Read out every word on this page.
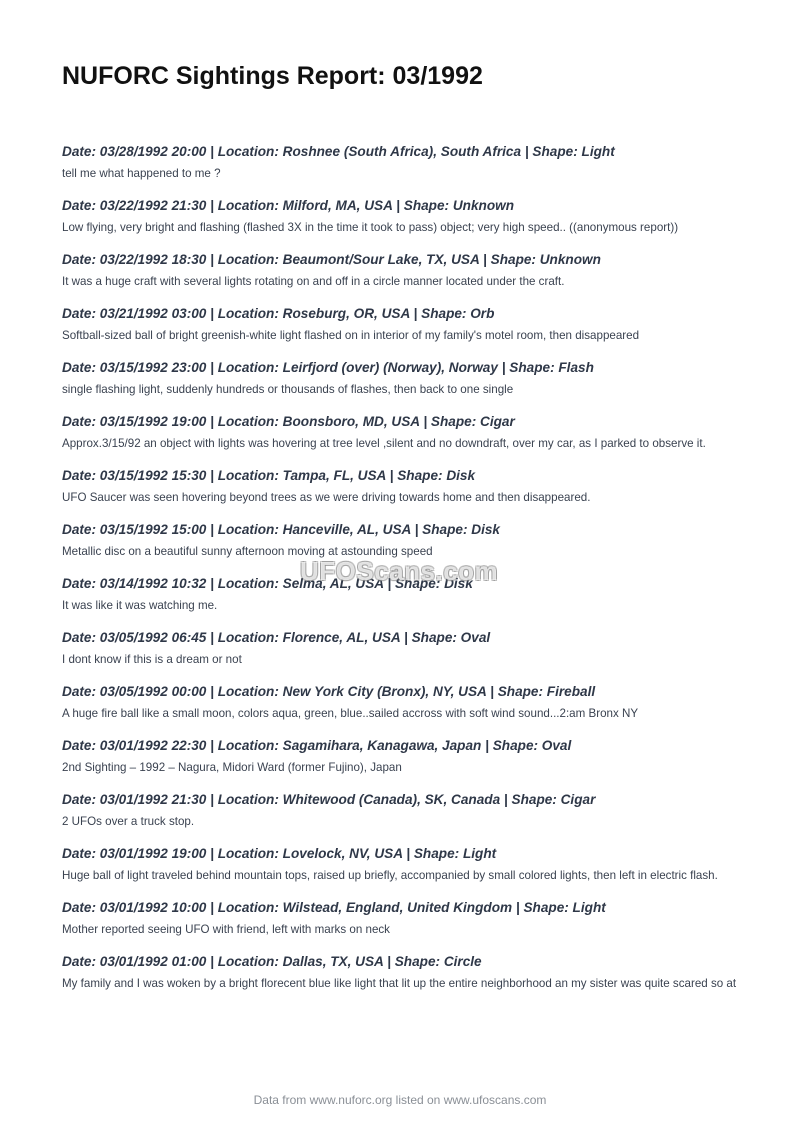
NUFORC Sightings Report: 03/1992
Date: 03/28/1992 20:00 | Location: Roshnee (South Africa), South Africa | Shape: Light
tell me what happened to me ?
Date: 03/22/1992 21:30 | Location: Milford, MA, USA | Shape: Unknown
Low flying, very bright and flashing (flashed 3X in the time it took to pass) object; very high speed.. ((anonymous report))
Date: 03/22/1992 18:30 | Location: Beaumont/Sour Lake, TX, USA | Shape: Unknown
It was a huge craft with several lights rotating on and off in a circle manner located under the craft.
Date: 03/21/1992 03:00 | Location: Roseburg, OR, USA | Shape: Orb
Softball-sized ball of bright greenish-white light flashed on in interior of my family's motel room, then disappeared
Date: 03/15/1992 23:00 | Location: Leirfjord (over) (Norway), Norway | Shape: Flash
single flashing light, suddenly hundreds or thousands of flashes, then back to one single
Date: 03/15/1992 19:00 | Location: Boonsboro, MD, USA | Shape: Cigar
Approx.3/15/92 an object with lights was hovering at tree level ,silent and no downdraft, over my car, as I parked to observe it.
Date: 03/15/1992 15:30 | Location: Tampa, FL, USA | Shape: Disk
UFO Saucer was seen hovering beyond trees as we were driving towards home and then disappeared.
Date: 03/15/1992 15:00 | Location: Hanceville, AL, USA | Shape: Disk
Metallic disc on a beautiful sunny afternoon moving at astounding speed
Date: 03/14/1992 10:32 | Location: Selma, AL, USA | Shape: Disk
It was like it was watching me.
Date: 03/05/1992 06:45 | Location: Florence, AL, USA | Shape: Oval
I dont know if this is a dream or not
Date: 03/05/1992 00:00 | Location: New York City (Bronx), NY, USA | Shape: Fireball
A huge fire ball like a small moon, colors aqua, green, blue..sailed accross with soft wind sound...2:am Bronx NY
Date: 03/01/1992 22:30 | Location: Sagamihara, Kanagawa, Japan | Shape: Oval
2nd Sighting – 1992 – Nagura, Midori Ward (former Fujino), Japan
Date: 03/01/1992 21:30 | Location: Whitewood (Canada), SK, Canada | Shape: Cigar
2 UFOs over a truck stop.
Date: 03/01/1992 19:00 | Location: Lovelock, NV, USA | Shape: Light
Huge ball of light traveled behind mountain tops, raised up briefly, accompanied by small colored lights, then left in electric flash.
Date: 03/01/1992 10:00 | Location: Wilstead, England, United Kingdom | Shape: Light
Mother reported seeing UFO with friend, left with marks on neck
Date: 03/01/1992 01:00 | Location: Dallas, TX, USA | Shape: Circle
My family and I was woken by a bright florecent blue like light that lit up the entire neighborhood an my sister was quite scared so at
UFOScans.com
Data from www.nuforc.org listed on www.ufoscans.com
